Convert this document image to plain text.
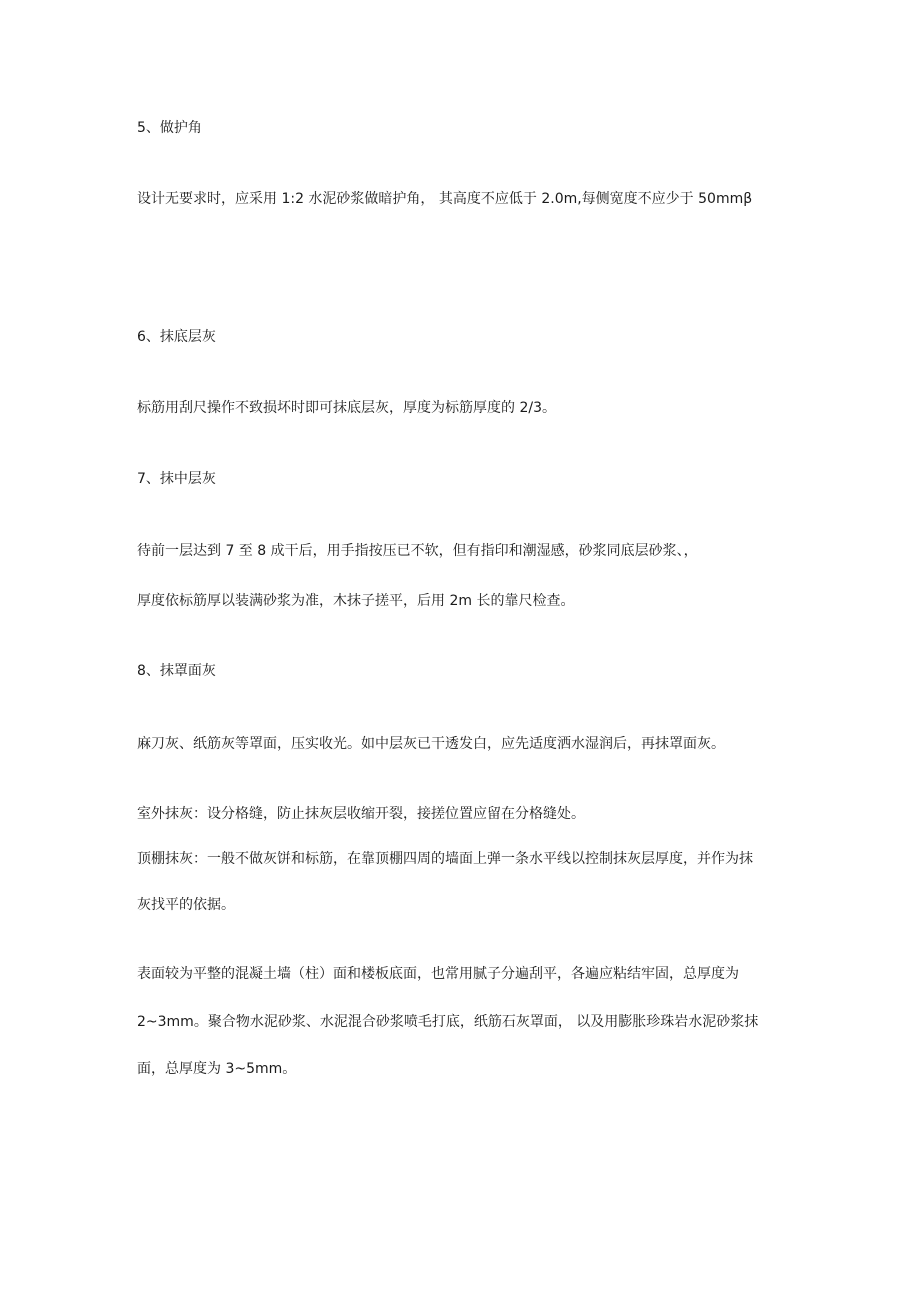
5、做护角

设计无要求时，应采用 1:2 水泥砂浆做暗护角， 其高度不应低于 2.0m,每侧宽度不应少于 50mmβ

6、抹底层灰

标筋用刮尺操作不致损坏时即可抹底层灰，厚度为标筋厚度的 2/3。

7、抹中层灰

待前一层达到 7 至 8 成干后，用手指按压已不软，但有指印和潮湿感，砂浆同底层砂浆、，

厚度依标筋厚以装满砂浆为准，木抹子搓平，后用 2m 长的靠尺检查。

8、抹罩面灰

麻刀灰、纸筋灰等罩面，压实收光。如中层灰已干透发白，应先适度洒水湿润后，再抹罩面灰。

室外抹灰：设分格缝，防止抹灰层收缩开裂，接搓位置应留在分格缝处。

顶棚抹灰：一般不做灰饼和标筋，在靠顶棚四周的墙面上弹一条水平线以控制抹灰层厚度，并作为抹

灰找平的依据。

表面较为平整的混凝土墙（柱）面和楼板底面，也常用腻子分遍刮平，各遍应粘结牢固，总厚度为

2~3mm。聚合物水泥砂浆、水泥混合砂浆喷毛打底，纸筋石灰罩面， 以及用膨胀珍珠岩水泥砂浆抹

面，总厚度为 3~5mm。
